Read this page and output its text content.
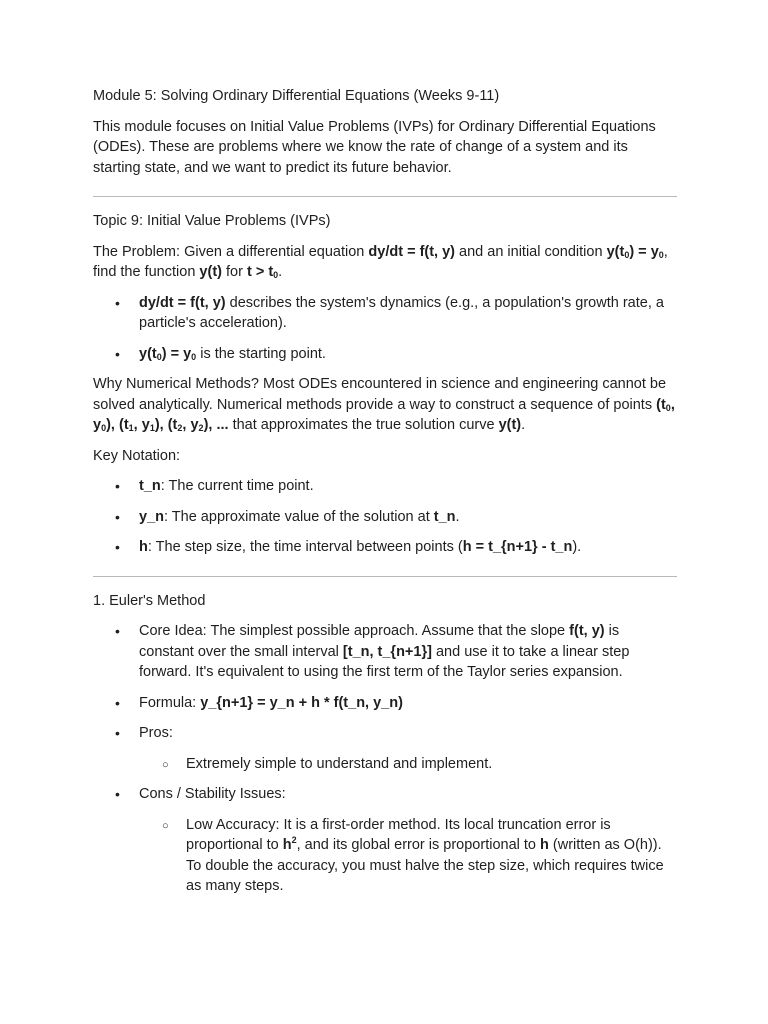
Module 5: Solving Ordinary Differential Equations (Weeks 9-11)

This module focuses on Initial Value Problems (IVPs) for Ordinary Differential Equations (ODEs). These are problems where we know the rate of change of a system and its starting state, and we want to predict its future behavior.

Topic 9: Initial Value Problems (IVPs)

The Problem: Given a differential equation dy/dt = f(t, y) and an initial condition $y(t_0) = y_0$, find the function y(t) for $t > t_0$.

• dy/dt = f(t, y) describes the system's dynamics (e.g., a population's growth rate, a particle's acceleration).
• $y(t_0) = y_0$ is the starting point.

Why Numerical Methods? Most ODEs encountered in science and engineering cannot be solved analytically. Numerical methods provide a way to construct a sequence of points ($t_0$, $y_0$), ($t_1$, $y_1$), ($t_2$, $y_2$), ... that approximates the true solution curve y(t).

Key Notation:

• t_n: The current time point.
• y_n: The approximate value of the solution at t_n.
• h: The step size, the time interval between points (h = t_{n+1} - t_n).

1. Euler's Method

• Core Idea: The simplest possible approach. Assume that the slope f(t, y) is constant over the small interval [t_n, t_{n+1}] and use it to take a linear step forward. It's equivalent to using the first term of the Taylor series expansion.
• Formula: y_{n+1} = y_n + h * f(t_n, y_n)
• Pros:
○ Extremely simple to understand and implement.
• Cons / Stability Issues:
○ Low Accuracy: It is a first-order method. Its local truncation error is proportional to $h^2$, and its global error is proportional to h (written as O(h)). To double the accuracy, you must halve the step size, which requires twice as many steps.
